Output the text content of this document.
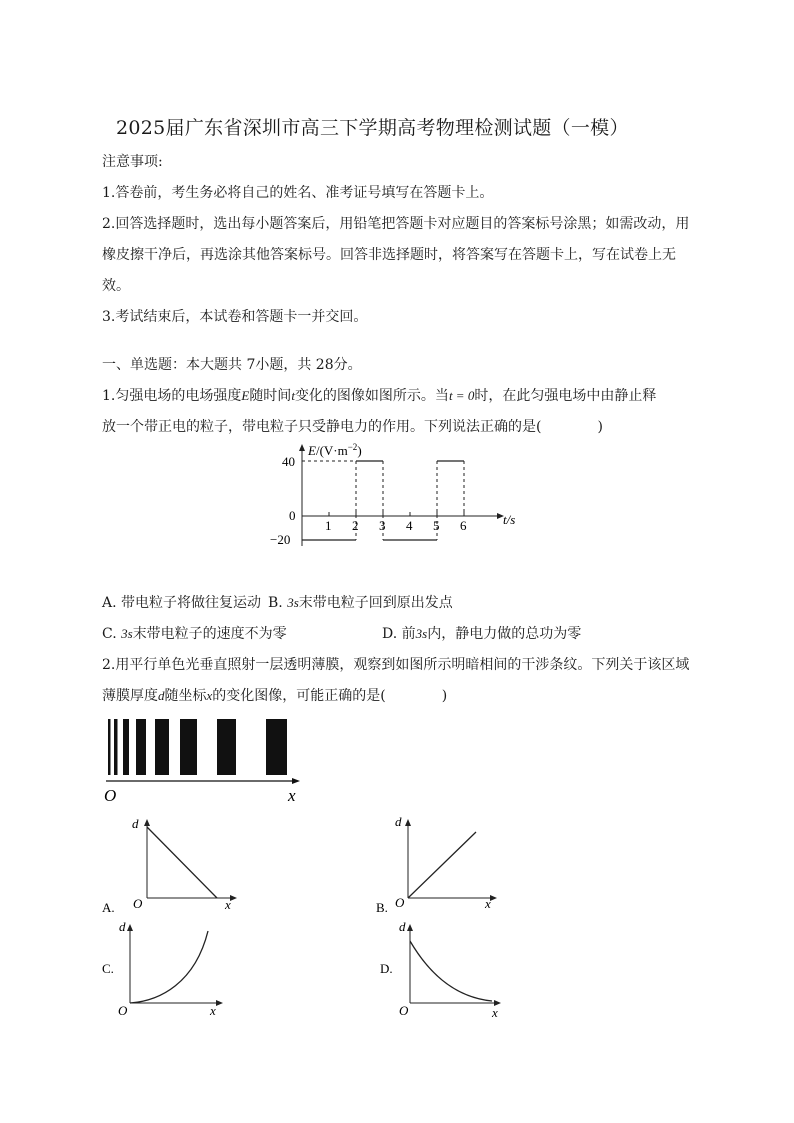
2025届广东省深圳市高三下学期高考物理检测试题（一模）
注意事项:
1.答卷前，考生务必将自己的姓名、准考证号填写在答题卡上。
2.回答选择题时，选出每小题答案后，用铅笔把答题卡对应题目的答案标号涂黑；如需改动，用
橡皮擦干净后，再选涂其他答案标号。回答非选择题时，将答案写在答题卡上，写在试卷上无
效。
3.考试结束后，本试卷和答题卡一并交回。
一、单选题：本大题共 7小题，共 28分。
1.匀强电场的电场强度E随时间t变化的图像如图所示。当t = 0时，在此匀强电场中由静止释
放一个带正电的粒子，带电粒子只受静电力的作用。下列说法正确的是(　　　　)
$E/(V\cdot m^{-2})$
t/s
40
0
−20
1 2 3 4 5 6
A. 带电粒子将做往复运动 B. 3s末带电粒子回到原出发点
C. 3s末带电粒子的速度不为零	D. 前3s内，静电力做的总功为零
2.用平行单色光垂直照射一层透明薄膜，观察到如图所示明暗相间的干涉条纹。下列关于该区域
薄膜厚度d随坐标x的变化图像，可能正确的是(　　　　)
O	x
A.
d
O	x	B.
d
O	x
C.
d
O	x
D.
d
O	x
